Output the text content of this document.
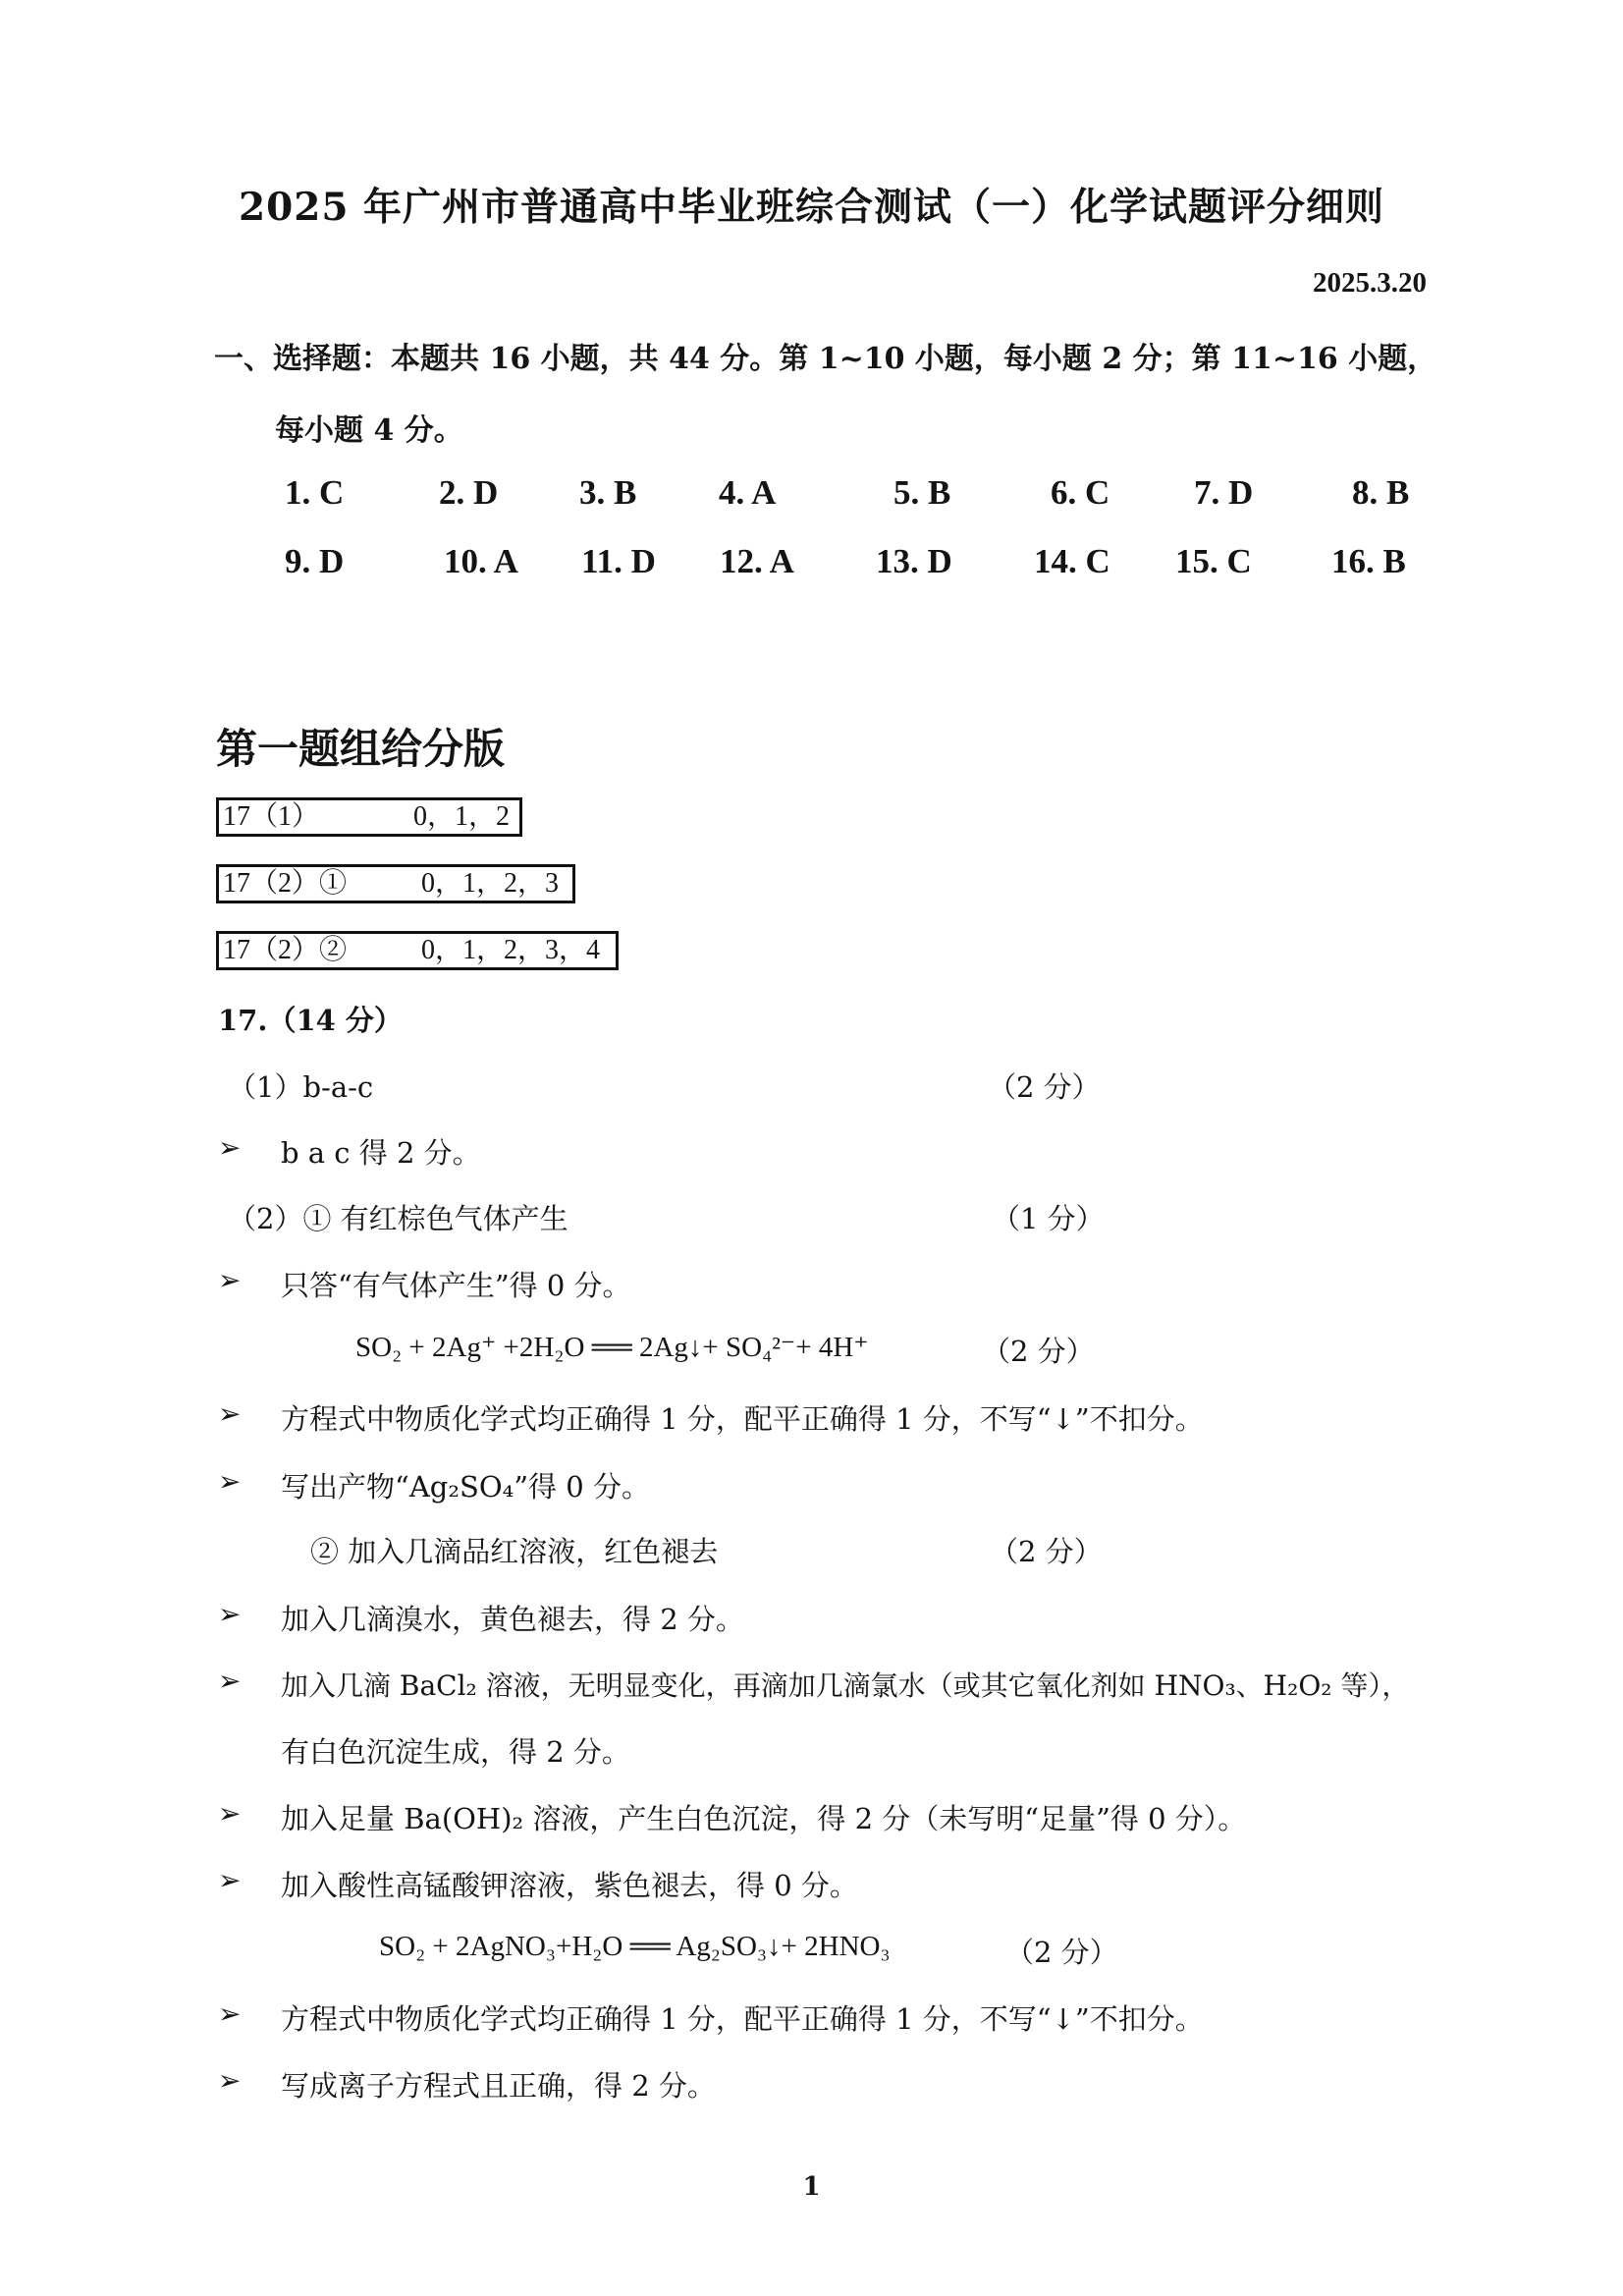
2025 年广州市普通高中毕业班综合测试（一）化学试题评分细则
2025.3.20
一、选择题：本题共 16 小题，共 44 分。第 1~10 小题，每小题 2 分；第 11~16 小题，
每小题 4 分。
1. C	2. D 3. B 4. A	5. B	6. C 7. D	8. B
9. D	10. A 11. D 12. A 13. D 14. C 15. C 16. B
第一题组给分版
17（1）	0，1，2
17（2）①	0，1，2，3
17（2）②	0，1，2，3，4
17.（14 分）
（1）b-a-c	（2 分）
➢ b a c 得 2 分。
（2）① 有红棕色气体产生	（1 分）
➢ 只答“有气体产生”得 0 分。
SO₂ + 2Ag⁺ +2H₂O ══ 2Ag↓+ SO₄²⁻+ 4H⁺	（2 分）
➢ 方程式中物质化学式均正确得 1 分，配平正确得 1 分，不写“↓”不扣分。
➢ 写出产物“Ag₂SO₄”得 0 分。
② 加入几滴品红溶液，红色褪去	（2 分）
➢ 加入几滴溴水，黄色褪去，得 2 分。
➢ 加入几滴 BaCl₂ 溶液，无明显变化，再滴加几滴氯水（或其它氧化剂如 HNO₃、H₂O₂ 等），
有白色沉淀生成，得 2 分。
➢ 加入足量 Ba(OH)₂ 溶液，产生白色沉淀，得 2 分（未写明“足量”得 0 分）。
➢ 加入酸性高锰酸钾溶液，紫色褪去，得 0 分。
SO₂ + 2AgNO₃+H₂O ══ Ag₂SO₃↓+ 2HNO₃	（2 分）
➢ 方程式中物质化学式均正确得 1 分，配平正确得 1 分，不写“↓”不扣分。
➢ 写成离子方程式且正确，得 2 分。
1
